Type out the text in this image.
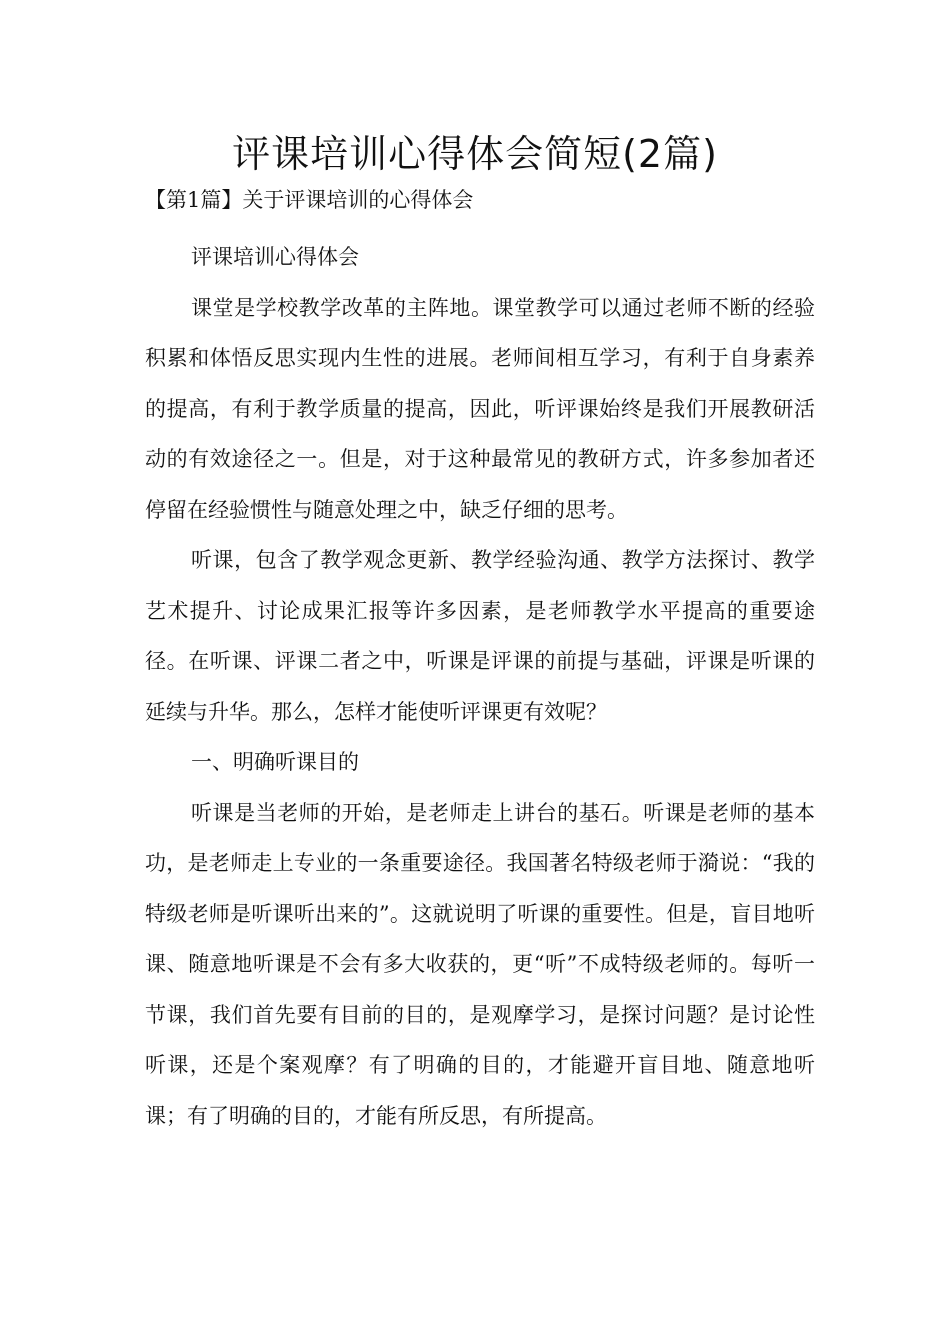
评课培训心得体会简短(2篇)
【第1篇】关于评课培训的心得体会

评课培训心得体会

课堂是学校教学改革的主阵地。课堂教学可以通过老师不断的经验积累和体悟反思实现内生性的进展。老师间相互学习，有利于自身素养的提高，有利于教学质量的提高，因此，听评课始终是我们开展教研活动的有效途径之一。但是，对于这种最常见的教研方式，许多参加者还停留在经验惯性与随意处理之中，缺乏仔细的思考。

听课，包含了教学观念更新、教学经验沟通、教学方法探讨、教学艺术提升、讨论成果汇报等许多因素，是老师教学水平提高的重要途径。在听课、评课二者之中，听课是评课的前提与基础，评课是听课的延续与升华。那么，怎样才能使听评课更有效呢？

一、明确听课目的

听课是当老师的开始，是老师走上讲台的基石。听课是老师的基本功，是老师走上专业的一条重要途径。我国著名特级老师于漪说：“我的特级老师是听课听出来的”。这就说明了听课的重要性。但是，盲目地听课、随意地听课是不会有多大收获的，更“听”不成特级老师的。每听一节课，我们首先要有目前的目的，是观摩学习，是探讨问题？是讨论性听课，还是个案观摩？有了明确的目的，才能避开盲目地、随意地听课；有了明确的目的，才能有所反思，有所提高。
